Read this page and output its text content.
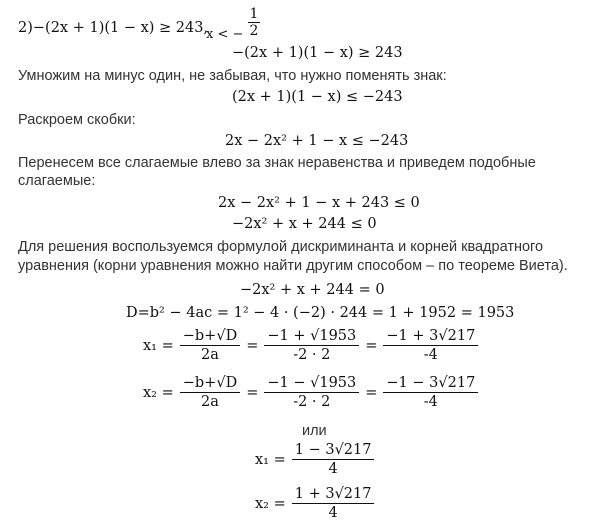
2)−(2x + 1)(1 − x) ≥ 243,
x < − $\frac{1}{2}$
−(2x + 1)(1 − x) ≥ 243
Умножим на минус один, не забывая, что нужно поменять знак:
(2x + 1)(1 − x) ≤ −243
Раскроем скобки:
2x − 2x² + 1 − x ≤ −243
Перенесем все слагаемые влево за знак неравенства и приведем подобные
слагаемые:
2x − 2x² + 1 − x + 243 ≤ 0
−2x² + x + 244 ≤ 0
Для решения воспользуемся формулой дискриминанта и корней квадратного
уравнения (корни уравнения можно найти другим способом – по теореме Виета).
−2x² + x + 244 = 0
D=b² − 4ac = 1² − 4 · (−2) · 244 = 1 + 1952 = 1953
$x_1 = \frac{-b+√D}{2a} = \frac{-1 + √1953}{-2 \cdot 2} = \frac{-1 + 3√217}{-4}$
$x_2 = \frac{-b+√D}{2a} = \frac{-1 - √1953}{-2 \cdot 2} = \frac{-1 - 3√217}{-4}$
или
$x_1 = \frac{1 - 3√217}{4}$
$x_2 = \frac{1 + 3√217}{4}$
